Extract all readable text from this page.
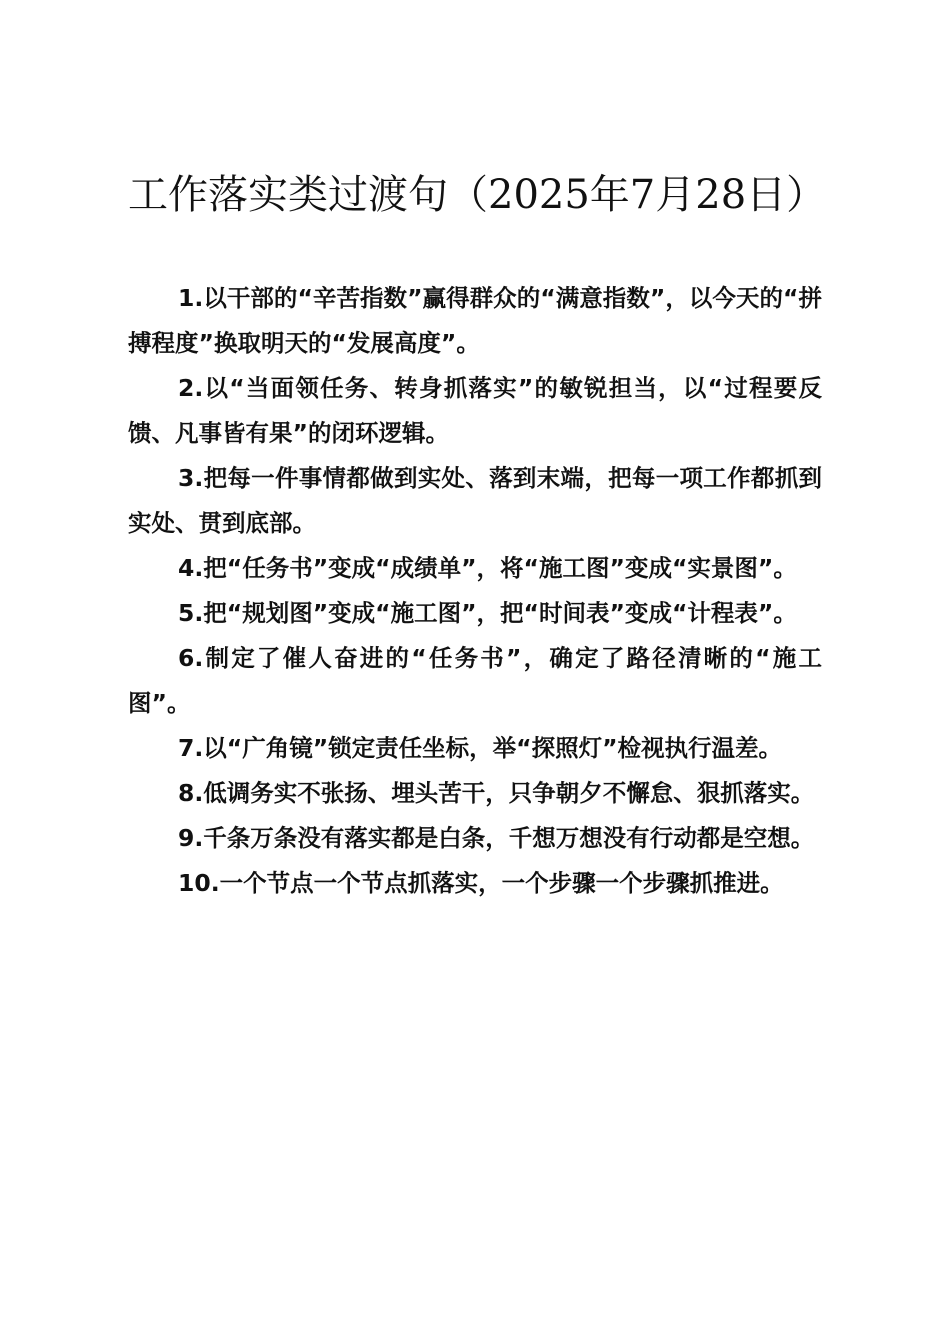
工作落实类过渡句（2025年7月28日）

1.以干部的“辛苦指数”赢得群众的“满意指数”，以今天的“拼搏程度”换取明天的“发展高度”。

2.以“当面领任务、转身抓落实”的敏锐担当，以“过程要反馈、凡事皆有果”的闭环逻辑。

3.把每一件事情都做到实处、落到末端，把每一项工作都抓到实处、贯到底部。

4.把“任务书”变成“成绩单”，将“施工图”变成“实景图”。

5.把“规划图”变成“施工图”，把“时间表”变成“计程表”。

6.制定了催人奋进的“任务书”，确定了路径清晰的“施工图”。

7.以“广角镜”锁定责任坐标，举“探照灯”检视执行温差。

8.低调务实不张扬、埋头苦干，只争朝夕不懈怠、狠抓落实。

9.千条万条没有落实都是白条，千想万想没有行动都是空想。

10.一个节点一个节点抓落实，一个步骤一个步骤抓推进。
